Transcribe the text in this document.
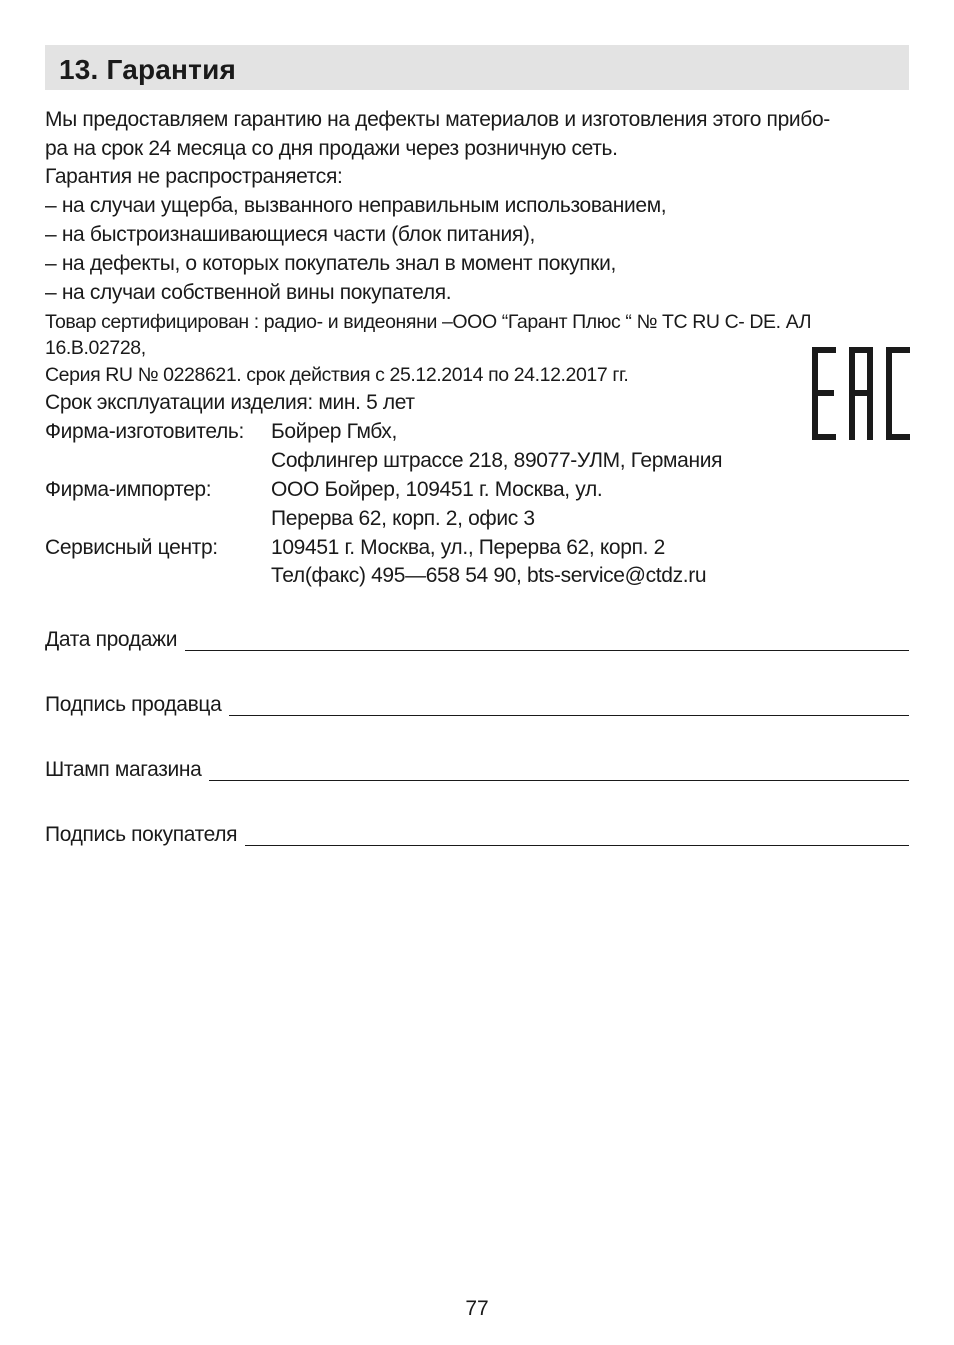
13. Гарантия
Мы предоставляем гарантию на дефекты материалов и изготовления этого прибо-
ра на срок 24 месяца со дня продажи через розничную сеть.
Гарантия не распространяется:
– на случаи ущерба, вызванного неправильным использованием,
– на быстроизнашивающиеся части (блок питания),
– на дефекты, о которых покупатель знал в момент покупки,
– на случаи собственной вины покупателя.
Товар сертифицирован : радио- и видеоняни –ООО “Гарант Плюс “ № ТС RU С- DE. АЛ
16.В.02728,
Серия RU № 0228621. срок действия с 25.12.2014 по 24.12.2017 гг.
Срок эксплуатации изделия: мин. 5 лет
Фирма-изготовитель: Бойрер Гмбх,
Софлингер штрассе 218, 89077-УЛМ, Германия
Фирма-импортер:	ООО Бойрер, 109451 г. Москва, ул.
Перерва 62, корп. 2, офис 3
Сервисный центр:	109451 г. Москва, ул., Перерва 62, корп. 2
Тел(факс) 495—658 54 90, bts-service@ctdz.ru
Дата продажи
Подпись продавца
Штамп магазина
Подпись покупателя
77
